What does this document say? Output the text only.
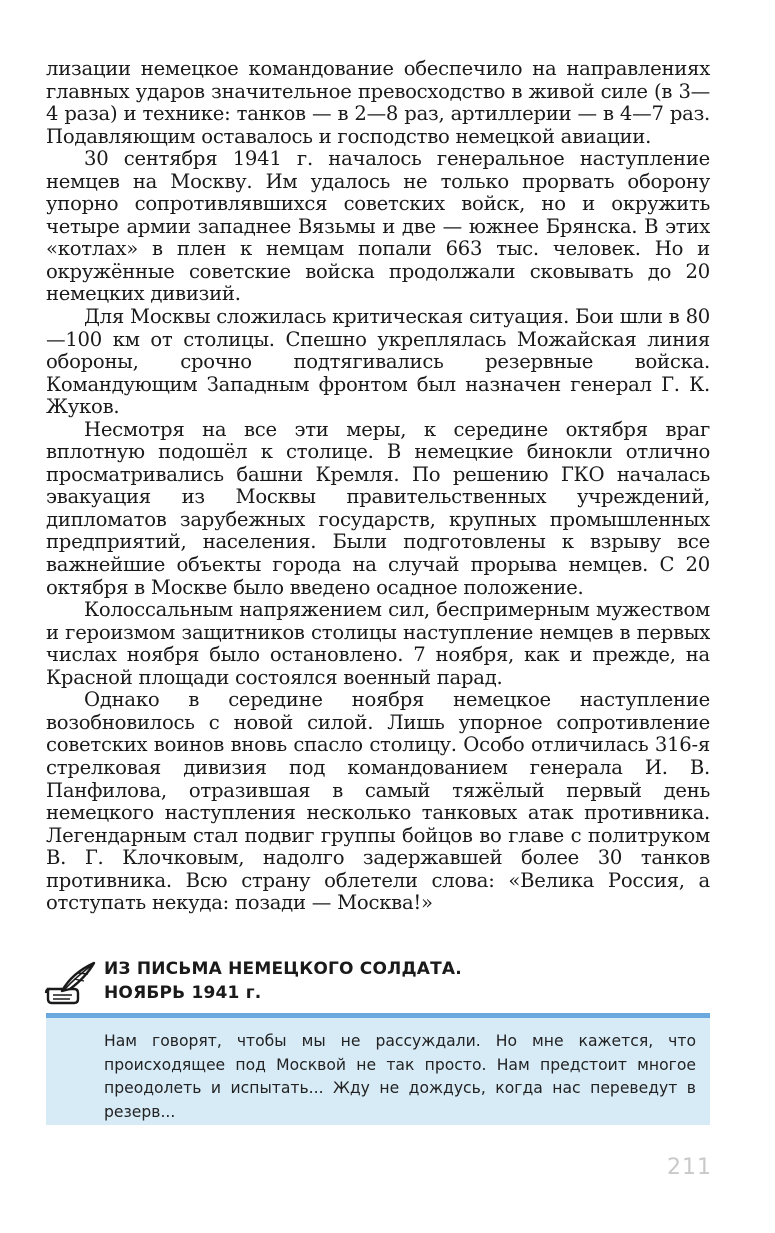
лизации немецкое командование обеспечило на направлениях главных ударов значительное превосходство в живой силе (в 3—4 раза) и технике: танков — в 2—8 раз, артиллерии — в 4—7 раз. Подавляющим оставалось и господство немецкой авиации.

30 сентября 1941 г. началось генеральное наступление немцев на Москву. Им удалось не только прорвать оборону упорно сопротивлявшихся советских войск, но и окружить четыре армии западнее Вязьмы и две — южнее Брянска. В этих «котлах» в плен к немцам попали 663 тыс. человек. Но и окружённые советские войска продолжали сковывать до 20 немецких дивизий.

Для Москвы сложилась критическая ситуация. Бои шли в 80—100 км от столицы. Спешно укреплялась Можайская линия обороны, срочно подтягивались резервные войска. Командующим Западным фронтом был назначен генерал Г. К. Жуков.

Несмотря на все эти меры, к середине октября враг вплотную подошёл к столице. В немецкие бинокли отлично просматривались башни Кремля. По решению ГКО началась эвакуация из Москвы правительственных учреждений, дипломатов зарубежных государств, крупных промышленных предприятий, населения. Были подготовлены к взрыву все важнейшие объекты города на случай прорыва немцев. С 20 октября в Москве было введено осадное положение.

Колоссальным напряжением сил, беспримерным мужеством и героизмом защитников столицы наступление немцев в первых числах ноября было остановлено. 7 ноября, как и прежде, на Красной площади состоялся военный парад.

Однако в середине ноября немецкое наступление возобновилось с новой силой. Лишь упорное сопротивление советских воинов вновь спасло столицу. Особо отличилась 316-я стрелковая дивизия под командованием генерала И. В. Панфилова, отразившая в самый тяжёлый первый день немецкого наступления несколько танковых атак противника. Легендарным стал подвиг группы бойцов во главе с политруком В. Г. Клочковым, надолго задержавшей более 30 танков противника. Всю страну облетели слова: «Велика Россия, а отступать некуда: позади — Москва!»

ИЗ ПИСЬМА НЕМЕЦКОГО СОЛДАТА.
НОЯБРЬ 1941 г.
Нам говорят, чтобы мы не рассуждали. Но мне кажется, что происходящее под Москвой не так просто. Нам предстоит многое преодолеть и испытать... Жду не дождусь, когда нас переведут в резерв...
211
